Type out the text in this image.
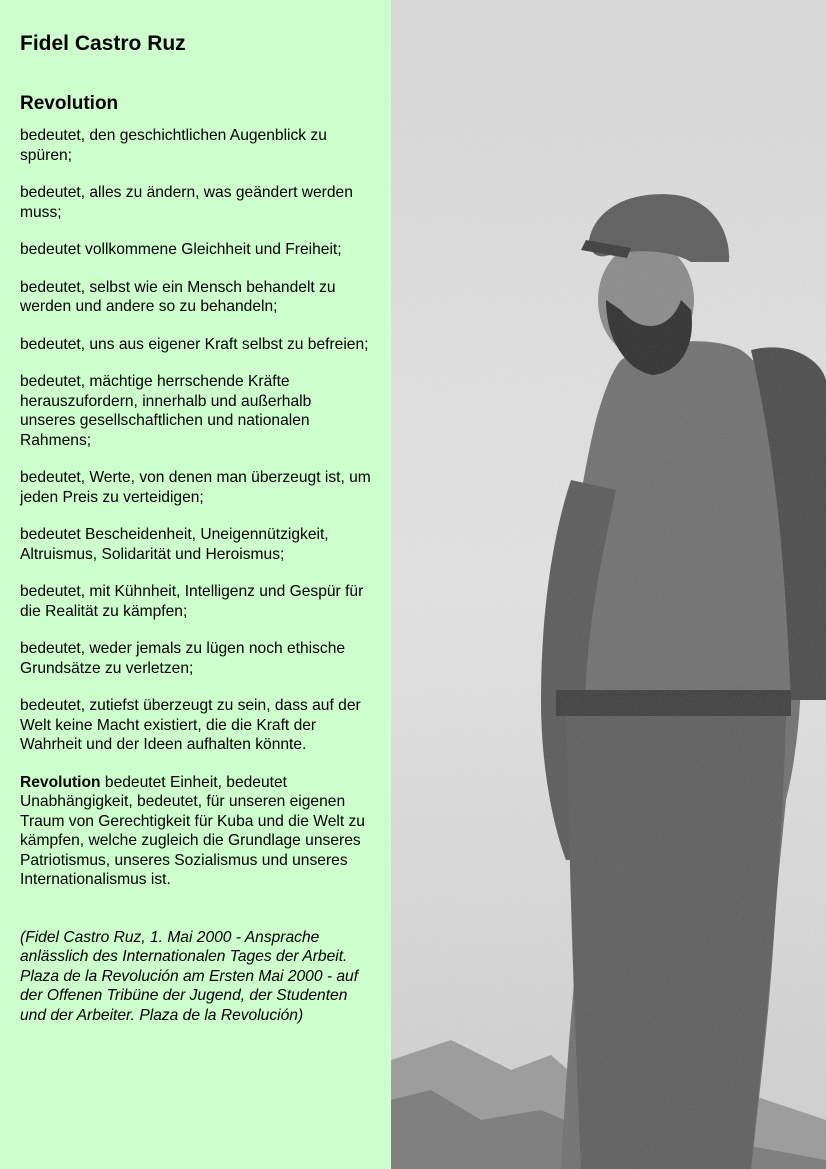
Fidel Castro Ruz
Revolution
bedeutet, den geschichtlichen Augenblick zu spüren;
bedeutet, alles zu ändern, was geändert werden muss;
bedeutet vollkommene Gleichheit und Freiheit;
bedeutet, selbst wie ein Mensch behandelt zu werden und andere so zu behandeln;
bedeutet, uns aus eigener Kraft selbst zu befreien;
bedeutet, mächtige herrschende Kräfte herauszufordern, innerhalb und außerhalb unseres gesellschaftlichen und nationalen Rahmens;
bedeutet, Werte, von denen man überzeugt ist, um jeden Preis zu verteidigen;
bedeutet Bescheidenheit, Uneigennützigkeit, Altruismus, Solidarität und Heroismus;
bedeutet, mit Kühnheit, Intelligenz und Gespür für die Realität zu kämpfen;
bedeutet, weder jemals zu lügen noch ethische Grundsätze zu verletzen;
bedeutet, zutiefst überzeugt zu sein, dass auf der Welt keine Macht existiert, die die Kraft der Wahrheit und der Ideen aufhalten könnte.
Revolution bedeutet Einheit, bedeutet Unabhängigkeit, bedeutet, für unseren eigenen Traum von Gerechtigkeit für Kuba und die Welt zu kämpfen, welche zugleich die Grundlage unseres Patriotismus, unseres Sozialismus und unseres Internationalismus ist.
(Fidel Castro Ruz, 1. Mai 2000 - Ansprache anlässlich des Internationalen Tages der Arbeit. Plaza de la Revolución am Ersten Mai 2000 - auf der Offenen Tribüne der Jugend, der Studenten und der Arbeiter. Plaza de la Revolución)
